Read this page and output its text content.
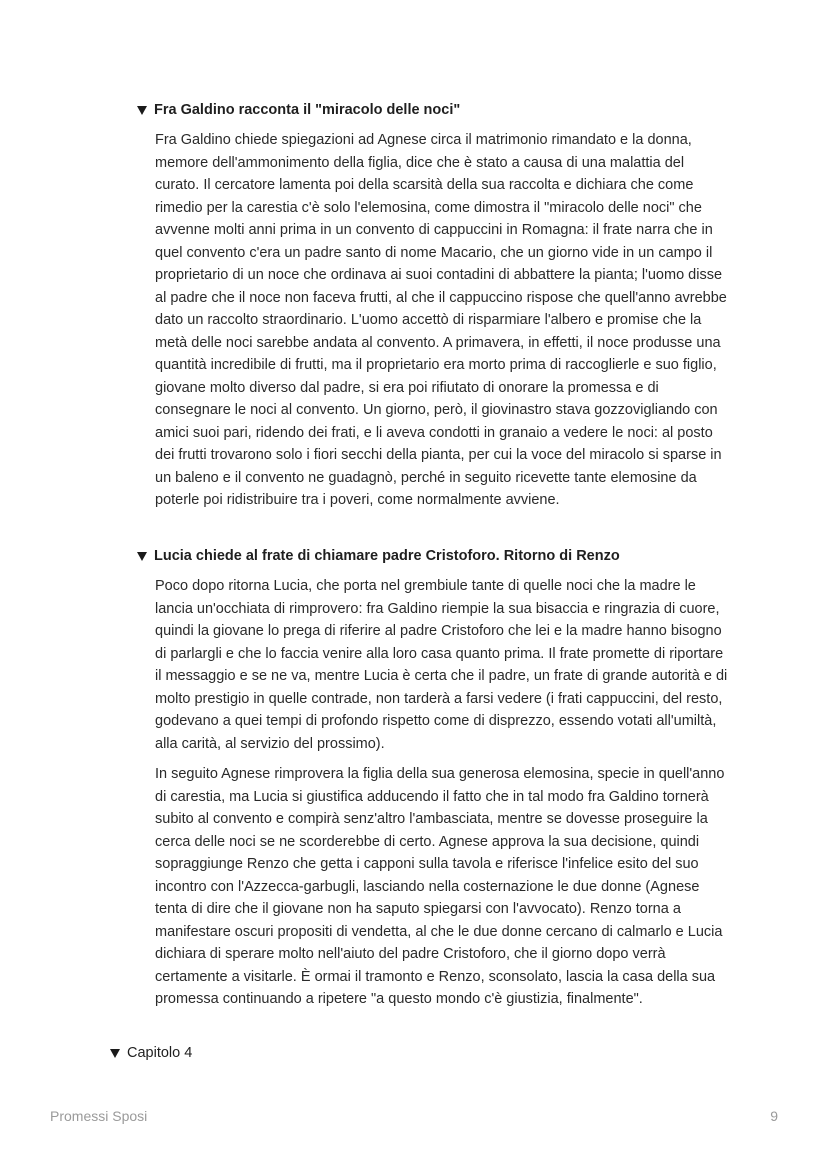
Fra Galdino racconta il "miracolo delle noci"

Fra Galdino chiede spiegazioni ad Agnese circa il matrimonio rimandato e la donna, memore dell'ammonimento della figlia, dice che è stato a causa di una malattia del curato. Il cercatore lamenta poi della scarsità della sua raccolta e dichiara che come rimedio per la carestia c'è solo l'elemosina, come dimostra il "miracolo delle noci" che avvenne molti anni prima in un convento di cappuccini in Romagna: il frate narra che in quel convento c'era un padre santo di nome Macario, che un giorno vide in un campo il proprietario di un noce che ordinava ai suoi contadini di abbattere la pianta; l'uomo disse al padre che il noce non faceva frutti, al che il cappuccino rispose che quell'anno avrebbe dato un raccolto straordinario. L'uomo accettò di risparmiare l'albero e promise che la metà delle noci sarebbe andata al convento. A primavera, in effetti, il noce produsse una quantità incredibile di frutti, ma il proprietario era morto prima di raccoglierle e suo figlio, giovane molto diverso dal padre, si era poi rifiutato di onorare la promessa e di consegnare le noci al convento. Un giorno, però, il giovinastro stava gozzovigliando con amici suoi pari, ridendo dei frati, e li aveva condotti in granaio a vedere le noci: al posto dei frutti trovarono solo i fiori secchi della pianta, per cui la voce del miracolo si sparse in un baleno e il convento ne guadagnò, perché in seguito ricevette tante elemosine da poterle poi ridistribuire tra i poveri, come normalmente avviene.

Lucia chiede al frate di chiamare padre Cristoforo. Ritorno di Renzo

Poco dopo ritorna Lucia, che porta nel grembiule tante di quelle noci che la madre le lancia un'occhiata di rimprovero: fra Galdino riempie la sua bisaccia e ringrazia di cuore, quindi la giovane lo prega di riferire al padre Cristoforo che lei e la madre hanno bisogno di parlargli e che lo faccia venire alla loro casa quanto prima. Il frate promette di riportare il messaggio e se ne va, mentre Lucia è certa che il padre, un frate di grande autorità e di molto prestigio in quelle contrade, non tarderà a farsi vedere (i frati cappuccini, del resto, godevano a quei tempi di profondo rispetto come di disprezzo, essendo votati all'umiltà, alla carità, al servizio del prossimo).

In seguito Agnese rimprovera la figlia della sua generosa elemosina, specie in quell'anno di carestia, ma Lucia si giustifica adducendo il fatto che in tal modo fra Galdino tornerà subito al convento e compirà senz'altro l'ambasciata, mentre se dovesse proseguire la cerca delle noci se ne scorderebbe di certo. Agnese approva la sua decisione, quindi sopraggiunge Renzo che getta i capponi sulla tavola e riferisce l'infelice esito del suo incontro con l'Azzecca-garbugli, lasciando nella costernazione le due donne (Agnese tenta di dire che il giovane non ha saputo spiegarsi con l'avvocato). Renzo torna a manifestare oscuri propositi di vendetta, al che le due donne cercano di calmarlo e Lucia dichiara di sperare molto nell'aiuto del padre Cristoforo, che il giorno dopo verrà certamente a visitarle. È ormai il tramonto e Renzo, sconsolato, lascia la casa della sua promessa continuando a ripetere "a questo mondo c'è giustizia, finalmente".

Capitolo 4
Promessi Sposi	9
